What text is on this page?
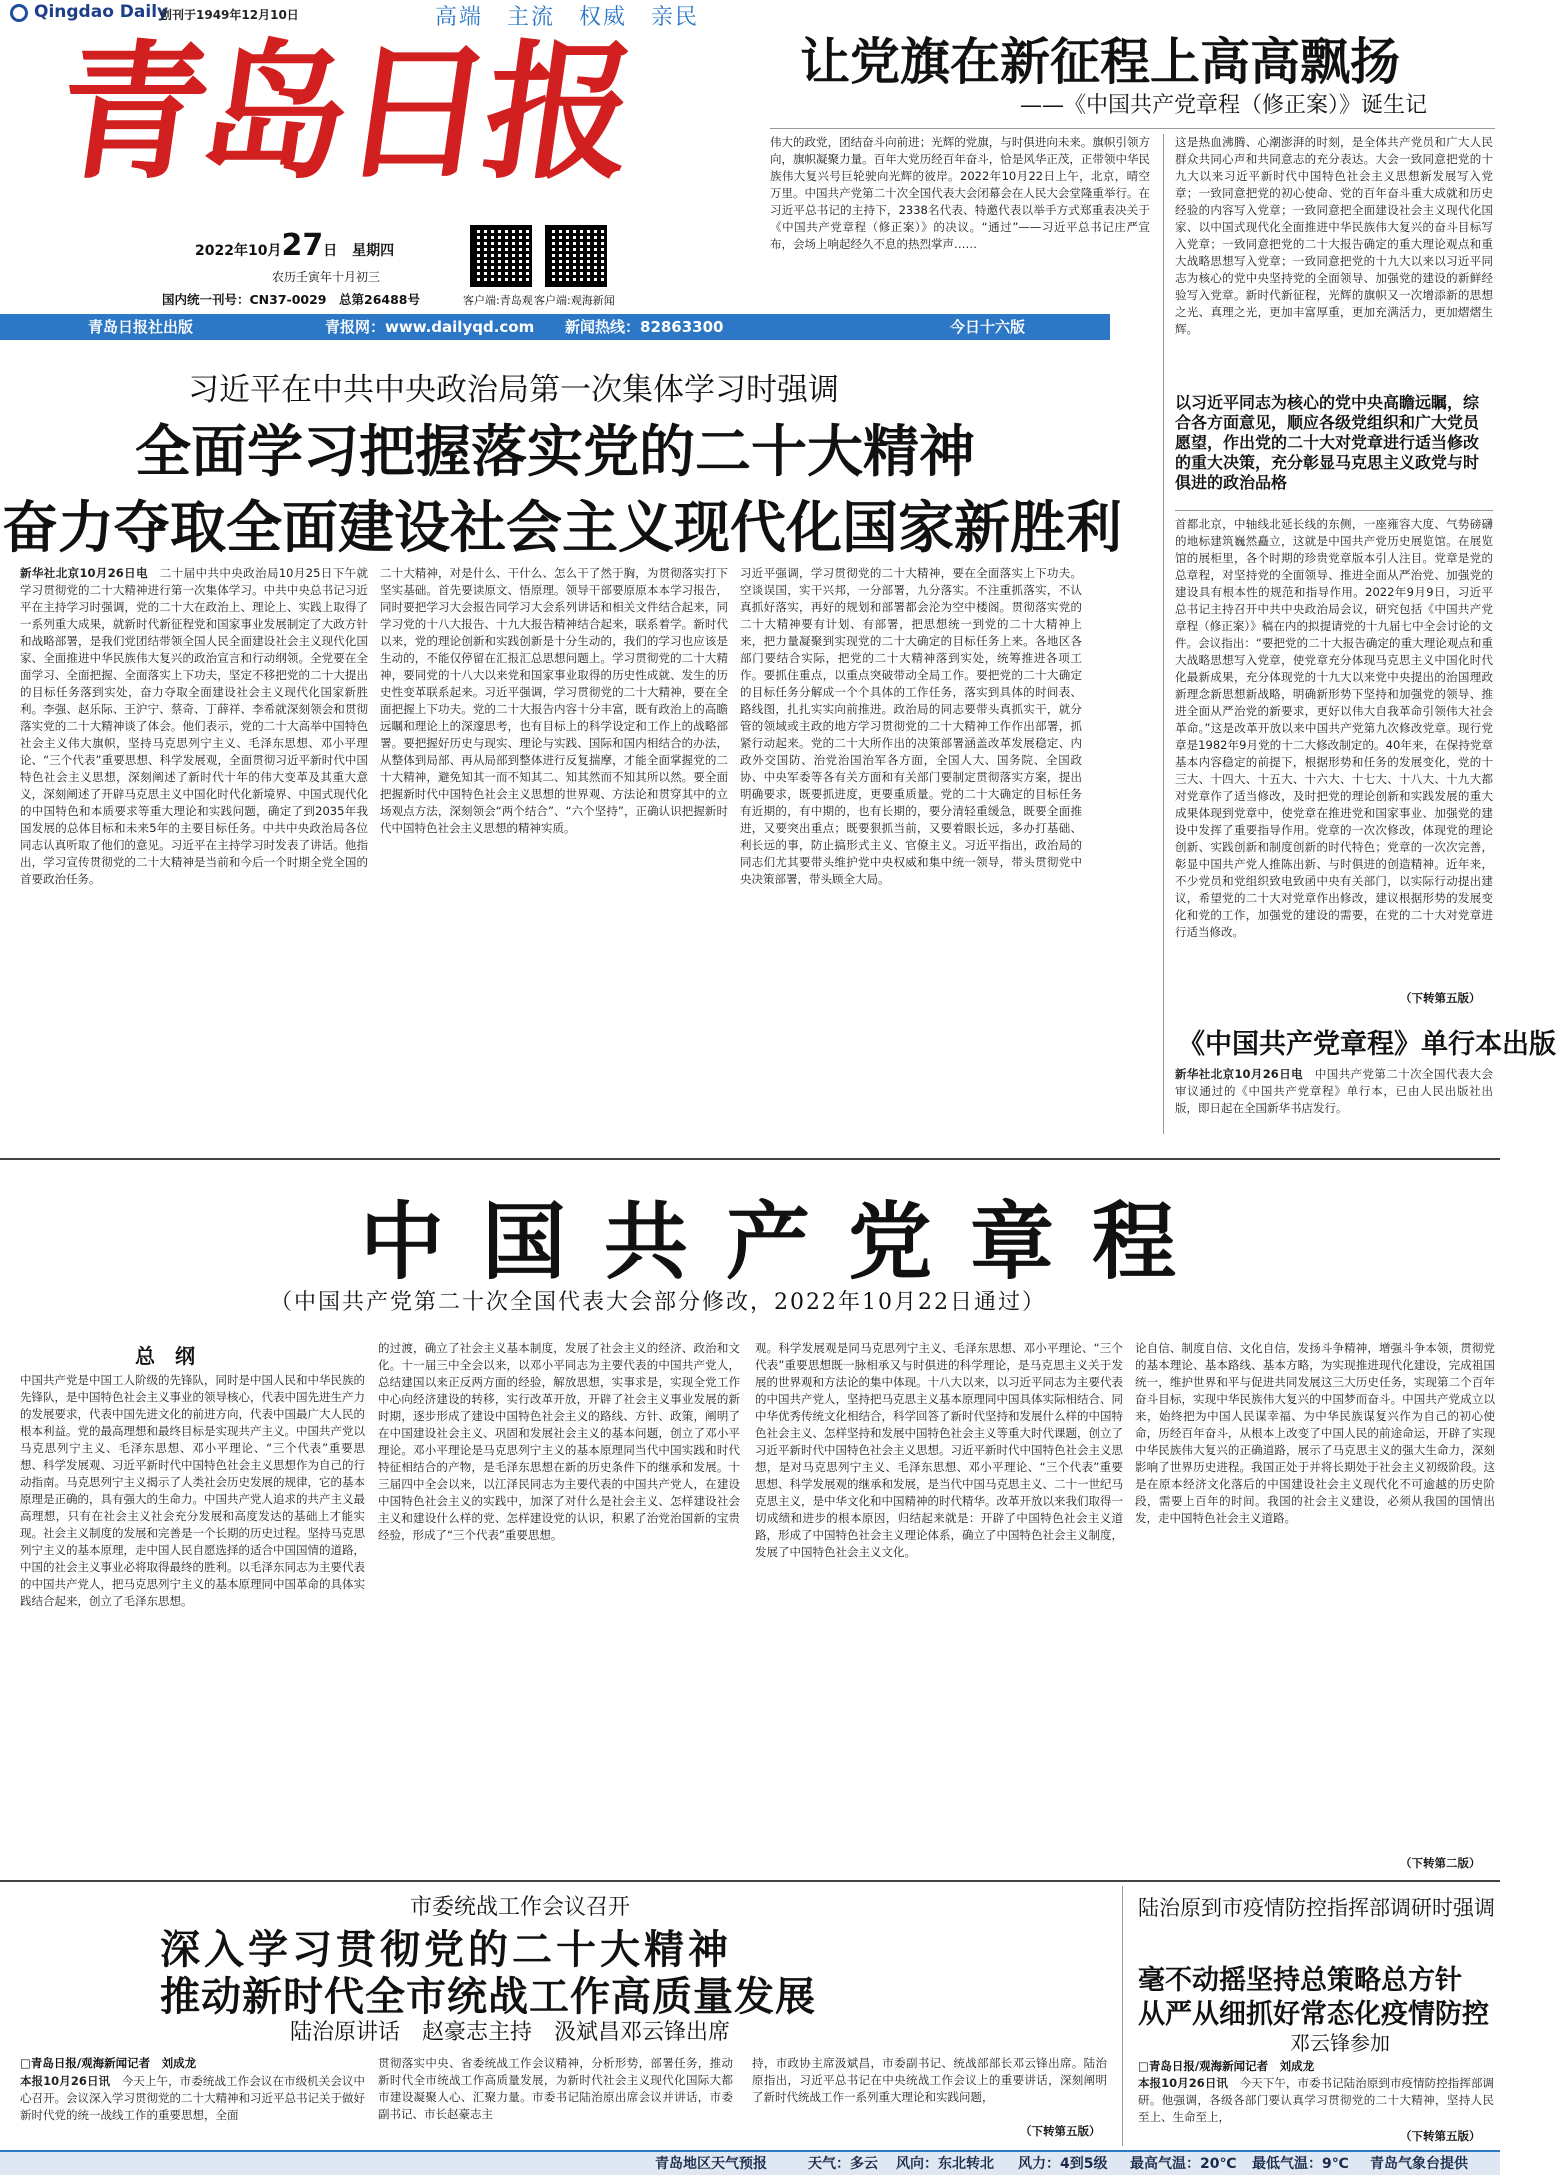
Qingdao Daily
创刊于1949年12月10日	高端　主流　权威　亲民
青岛日报
2022年10月27日 星期四
农历壬寅年十月初三
国内统一刊号：CN37-0029　总第26488号	客户端:青岛观 客户端:观海新闻
青岛日报社出版	青报网：www.dailyqd.com 新闻热线：82863300	今日十六版
让党旗在新征程上高高飘扬
——《中国共产党章程（修正案）》诞生记

伟大的政党，团结奋斗向前进；光辉的党旗，与时俱进向未来。旗帜引领方向，旗帜凝聚力量。百年大党历经百年奋斗，恰是风华正茂，正带领中华民族伟大复兴号巨轮驶向光辉的彼岸。2022年10月22日上午，北京，晴空万里。中国共产党第二十次全国代表大会闭幕会在人民大会堂隆重举行。在习近平总书记的主持下，2338名代表、特邀代表以举手方式郑重表决关于《中国共产党章程（修正案）》的决议。“通过”——习近平总书记庄严宣布，会场上响起经久不息的热烈掌声……

这是热血沸腾、心潮澎湃的时刻，是全体共产党员和广大人民群众共同心声和共同意志的充分表达。大会一致同意把党的十九大以来习近平新时代中国特色社会主义思想新发展写入党章；一致同意把党的初心使命、党的百年奋斗重大成就和历史经验的内容写入党章；一致同意把全面建设社会主义现代化国家、以中国式现代化全面推进中华民族伟大复兴的奋斗目标写入党章；一致同意把党的二十大报告确定的重大理论观点和重大战略思想写入党章；一致同意把党的十九大以来以习近平同志为核心的党中央坚持党的全面领导、加强党的建设的新鲜经验写入党章。新时代新征程，光辉的旗帜又一次增添新的思想之光、真理之光，更加丰富厚重，更加充满活力，更加熠熠生辉。

以习近平同志为核心的党中央高瞻远瞩，综合各方面意见，顺应各级党组织和广大党员愿望，作出党的二十大对党章进行适当修改的重大决策，充分彰显马克思主义政党与时俱进的政治品格

首都北京，中轴线北延长线的东侧，一座雍容大度、气势磅礴的地标建筑巍然矗立，这就是中国共产党历史展览馆。在展览馆的展柜里，各个时期的珍贵党章版本引人注目。党章是党的总章程，对坚持党的全面领导、推进全面从严治党、加强党的建设具有根本性的规范和指导作用。2022年9月9日，习近平总书记主持召开中共中央政治局会议，研究包括《中国共产党章程（修正案）》稿在内的拟提请党的十九届七中全会讨论的文件。会议指出：“要把党的二十大报告确定的重大理论观点和重大战略思想写入党章，使党章充分体现马克思主义中国化时代化最新成果，充分体现党的十九大以来党中央提出的治国理政新理念新思想新战略，明确新形势下坚持和加强党的领导、推进全面从严治党的新要求，更好以伟大自我革命引领伟大社会革命。”这是改革开放以来中国共产党第九次修改党章。现行党章是1982年9月党的十二大修改制定的。40年来，在保持党章基本内容稳定的前提下，根据形势和任务的发展变化，党的十三大、十四大、十五大、十六大、十七大、十八大、十九大都对党章作了适当修改，及时把党的理论创新和实践发展的重大成果体现到党章中，使党章在推进党和国家事业、加强党的建设中发挥了重要指导作用。党章的一次次修改，体现党的理论创新、实践创新和制度创新的时代特色；党章的一次次完善，彰显中国共产党人推陈出新、与时俱进的创造精神。近年来，不少党员和党组织致电致函中央有关部门，以实际行动提出建议，希望党的二十大对党章作出修改，建议根据形势的发展变化和党的工作，加强党的建设的需要，在党的二十大对党章进行适当修改。

（下转第五版）
习近平在中共中央政治局第一次集体学习时强调
全面学习把握落实党的二十大精神
奋力夺取全面建设社会主义现代化国家新胜利

新华社北京10月26日电　 二十届中共中央政治局10月25日下午就学习贯彻党的二十大精神进行第一次集体学习。中共中央总书记习近平在主持学习时强调，党的二十大在政治上、理论上、实践上取得了一系列重大成果，就新时代新征程党和国家事业发展制定了大政方针和战略部署，是我们党团结带领全国人民全面建设社会主义现代化国家、全面推进中华民族伟大复兴的政治宣言和行动纲领。全党要在全面学习、全面把握、全面落实上下功夫，坚定不移把党的二十大提出的目标任务落到实处，奋力夺取全面建设社会主义现代化国家新胜利。李强、赵乐际、王沪宁、蔡奇、丁薛祥、李希就深刻领会和贯彻落实党的二十大精神谈了体会。他们表示，党的二十大高举中国特色社会主义伟大旗帜，坚持马克思列宁主义、毛泽东思想、邓小平理论、“三个代表”重要思想、科学发展观，全面贯彻习近平新时代中国特色社会主义思想，深刻阐述了新时代十年的伟大变革及其重大意义，深刻阐述了开辟马克思主义中国化时代化新境界、中国式现代化的中国特色和本质要求等重大理论和实践问题，确定了到2035年我国发展的总体目标和未来5年的主要目标任务。中共中央政治局各位同志认真听取了他们的意见。习近平在主持学习时发表了讲话。他指出，学习宣传贯彻党的二十大精神是当前和今后一个时期全党全国的首要政治任务。

二十大精神，对是什么、干什么、怎么干了然于胸，为贯彻落实打下坚实基础。首先要读原文、悟原理。领导干部要原原本本学习报告，同时要把学习大会报告同学习大会系列讲话和相关文件结合起来，同学习党的十八大报告、十九大报告精神结合起来，联系着学。新时代以来，党的理论创新和实践创新是十分生动的，我们的学习也应该是生动的，不能仅停留在汇报汇总思想问题上。学习贯彻党的二十大精神，要同党的十八大以来党和国家事业取得的历史性成就、发生的历史性变革联系起来。习近平强调，学习贯彻党的二十大精神，要在全面把握上下功夫。党的二十大报告内容十分丰富，既有政治上的高瞻远瞩和理论上的深邃思考，也有目标上的科学设定和工作上的战略部署。要把握好历史与现实、理论与实践、国际和国内相结合的办法，从整体到局部、再从局部到整体进行反复揣摩，才能全面掌握党的二十大精神，避免知其一而不知其二、知其然而不知其所以然。要全面把握新时代中国特色社会主义思想的世界观、方法论和贯穿其中的立场观点方法，深刻领会“两个结合”、“六个坚持”，正确认识把握新时代中国特色社会主义思想的精神实质。

习近平强调，学习贯彻党的二十大精神，要在全面落实上下功夫。空谈误国，实干兴邦，一分部署，九分落实。不注重抓落实，不认真抓好落实，再好的规划和部署都会沦为空中楼阁。贯彻落实党的二十大精神要有计划、有部署，把思想统一到党的二十大精神上来，把力量凝聚到实现党的二十大确定的目标任务上来。各地区各部门要结合实际，把党的二十大精神落到实处，统筹推进各项工作。要抓住重点，以重点突破带动全局工作。要把党的二十大确定的目标任务分解成一个个具体的工作任务，落实到具体的时间表、路线图，扎扎实实向前推进。政治局的同志要带头真抓实干，就分管的领域或主政的地方学习贯彻党的二十大精神工作作出部署，抓紧行动起来。党的二十大所作出的决策部署涵盖改革发展稳定、内政外交国防、治党治国治军各方面，全国人大、国务院、全国政协、中央军委等各有关方面和有关部门要制定贯彻落实方案，提出明确要求，既要抓进度，更要重质量。党的二十大确定的目标任务有近期的，有中期的，也有长期的，要分清轻重缓急，既要全面推进，又要突出重点；既要狠抓当前，又要着眼长远，多办打基础、利长远的事，防止搞形式主义、官僚主义。习近平指出，政治局的同志们尤其要带头维护党中央权威和集中统一领导，带头贯彻党中央决策部署，带头顾全大局。

《中国共产党章程》单行本出版

新华社北京10月26日电　 中国共产党第二十次全国代表大会审议通过的《中国共产党章程》单行本，已由人民出版社出版，即日起在全国新华书店发行。

中国共产党章程
（中国共产党第二十次全国代表大会部分修改，2022年10月22日通过）
总　纲

中国共产党是中国工人阶级的先锋队，同时是中国人民和中华民族的先锋队，是中国特色社会主义事业的领导核心，代表中国先进生产力的发展要求，代表中国先进文化的前进方向，代表中国最广大人民的根本利益。党的最高理想和最终目标是实现共产主义。中国共产党以马克思列宁主义、毛泽东思想、邓小平理论、“三个代表”重要思想、科学发展观、习近平新时代中国特色社会主义思想作为自己的行动指南。马克思列宁主义揭示了人类社会历史发展的规律，它的基本原理是正确的，具有强大的生命力。中国共产党人追求的共产主义最高理想，只有在社会主义社会充分发展和高度发达的基础上才能实现。社会主义制度的发展和完善是一个长期的历史过程。坚持马克思列宁主义的基本原理，走中国人民自愿选择的适合中国国情的道路，中国的社会主义事业必将取得最终的胜利。以毛泽东同志为主要代表的中国共产党人，把马克思列宁主义的基本原理同中国革命的具体实践结合起来，创立了毛泽东思想。

的过渡，确立了社会主义基本制度，发展了社会主义的经济、政治和文化。十一届三中全会以来，以邓小平同志为主要代表的中国共产党人，总结建国以来正反两方面的经验，解放思想，实事求是，实现全党工作中心向经济建设的转移，实行改革开放，开辟了社会主义事业发展的新时期，逐步形成了建设中国特色社会主义的路线、方针、政策，阐明了在中国建设社会主义、巩固和发展社会主义的基本问题，创立了邓小平理论。邓小平理论是马克思列宁主义的基本原理同当代中国实践和时代特征相结合的产物，是毛泽东思想在新的历史条件下的继承和发展。十三届四中全会以来，以江泽民同志为主要代表的中国共产党人，在建设中国特色社会主义的实践中，加深了对什么是社会主义、怎样建设社会主义和建设什么样的党、怎样建设党的认识，积累了治党治国新的宝贵经验，形成了“三个代表”重要思想。

观。科学发展观是同马克思列宁主义、毛泽东思想、邓小平理论、“三个代表”重要思想既一脉相承又与时俱进的科学理论，是马克思主义关于发展的世界观和方法论的集中体现。十八大以来，以习近平同志为主要代表的中国共产党人，坚持把马克思主义基本原理同中国具体实际相结合、同中华优秀传统文化相结合，科学回答了新时代坚持和发展什么样的中国特色社会主义、怎样坚持和发展中国特色社会主义等重大时代课题，创立了习近平新时代中国特色社会主义思想。习近平新时代中国特色社会主义思想，是对马克思列宁主义、毛泽东思想、邓小平理论、“三个代表”重要思想、科学发展观的继承和发展，是当代中国马克思主义、二十一世纪马克思主义，是中华文化和中国精神的时代精华。改革开放以来我们取得一切成绩和进步的根本原因，归结起来就是：开辟了中国特色社会主义道路，形成了中国特色社会主义理论体系，确立了中国特色社会主义制度，发展了中国特色社会主义文化。

论自信、制度自信、文化自信，发扬斗争精神，增强斗争本领，贯彻党的基本理论、基本路线、基本方略，为实现推进现代化建设，完成祖国统一，维护世界和平与促进共同发展这三大历史任务，实现第二个百年奋斗目标，实现中华民族伟大复兴的中国梦而奋斗。中国共产党成立以来，始终把为中国人民谋幸福、为中华民族谋复兴作为自己的初心使命，历经百年奋斗，从根本上改变了中国人民的前途命运，开辟了实现中华民族伟大复兴的正确道路，展示了马克思主义的强大生命力，深刻影响了世界历史进程。我国正处于并将长期处于社会主义初级阶段。这是在原本经济文化落后的中国建设社会主义现代化不可逾越的历史阶段，需要上百年的时间。我国的社会主义建设，必须从我国的国情出发，走中国特色社会主义道路。

（下转第二版）
市委统战工作会议召开
深入学习贯彻党的二十大精神
推动新时代全市统战工作高质量发展
陆治原讲话　赵豪志主持　汲斌昌邓云锋出席
□青岛日报/观海新闻记者　刘成龙

本报10月26日讯　 今天上午，市委统战工作会议在市级机关会议中心召开。会议深入学习贯彻党的二十大精神和习近平总书记关于做好新时代党的统一战线工作的重要思想，全面

贯彻落实中央、省委统战工作会议精神，分析形势，部署任务，推动新时代全市统战工作高质量发展，为新时代社会主义现代化国际大都市建设凝聚人心、汇聚力量。市委书记陆治原出席会议并讲话，市委副书记、市长赵豪志主

持，市政协主席汲斌昌，市委副书记、统战部部长邓云锋出席。陆治原指出，习近平总书记在中央统战工作会议上的重要讲话，深刻阐明了新时代统战工作一系列重大理论和实践问题，

（下转第五版）
陆治原到市疫情防控指挥部调研时强调
毫不动摇坚持总策略总方针
从严从细抓好常态化疫情防控
邓云锋参加
□青岛日报/观海新闻记者　刘成龙

本报10月26日讯　 今天下午，市委书记陆治原到市疫情防控指挥部调研。他强调，各级各部门要认真学习贯彻党的二十大精神，坚持人民至上、生命至上，

（下转第五版）
青岛地区天气预报	天气：多云 风向：东北转北 风力：4到5级 最高气温：20℃ 最低气温：9℃ 青岛气象台提供
